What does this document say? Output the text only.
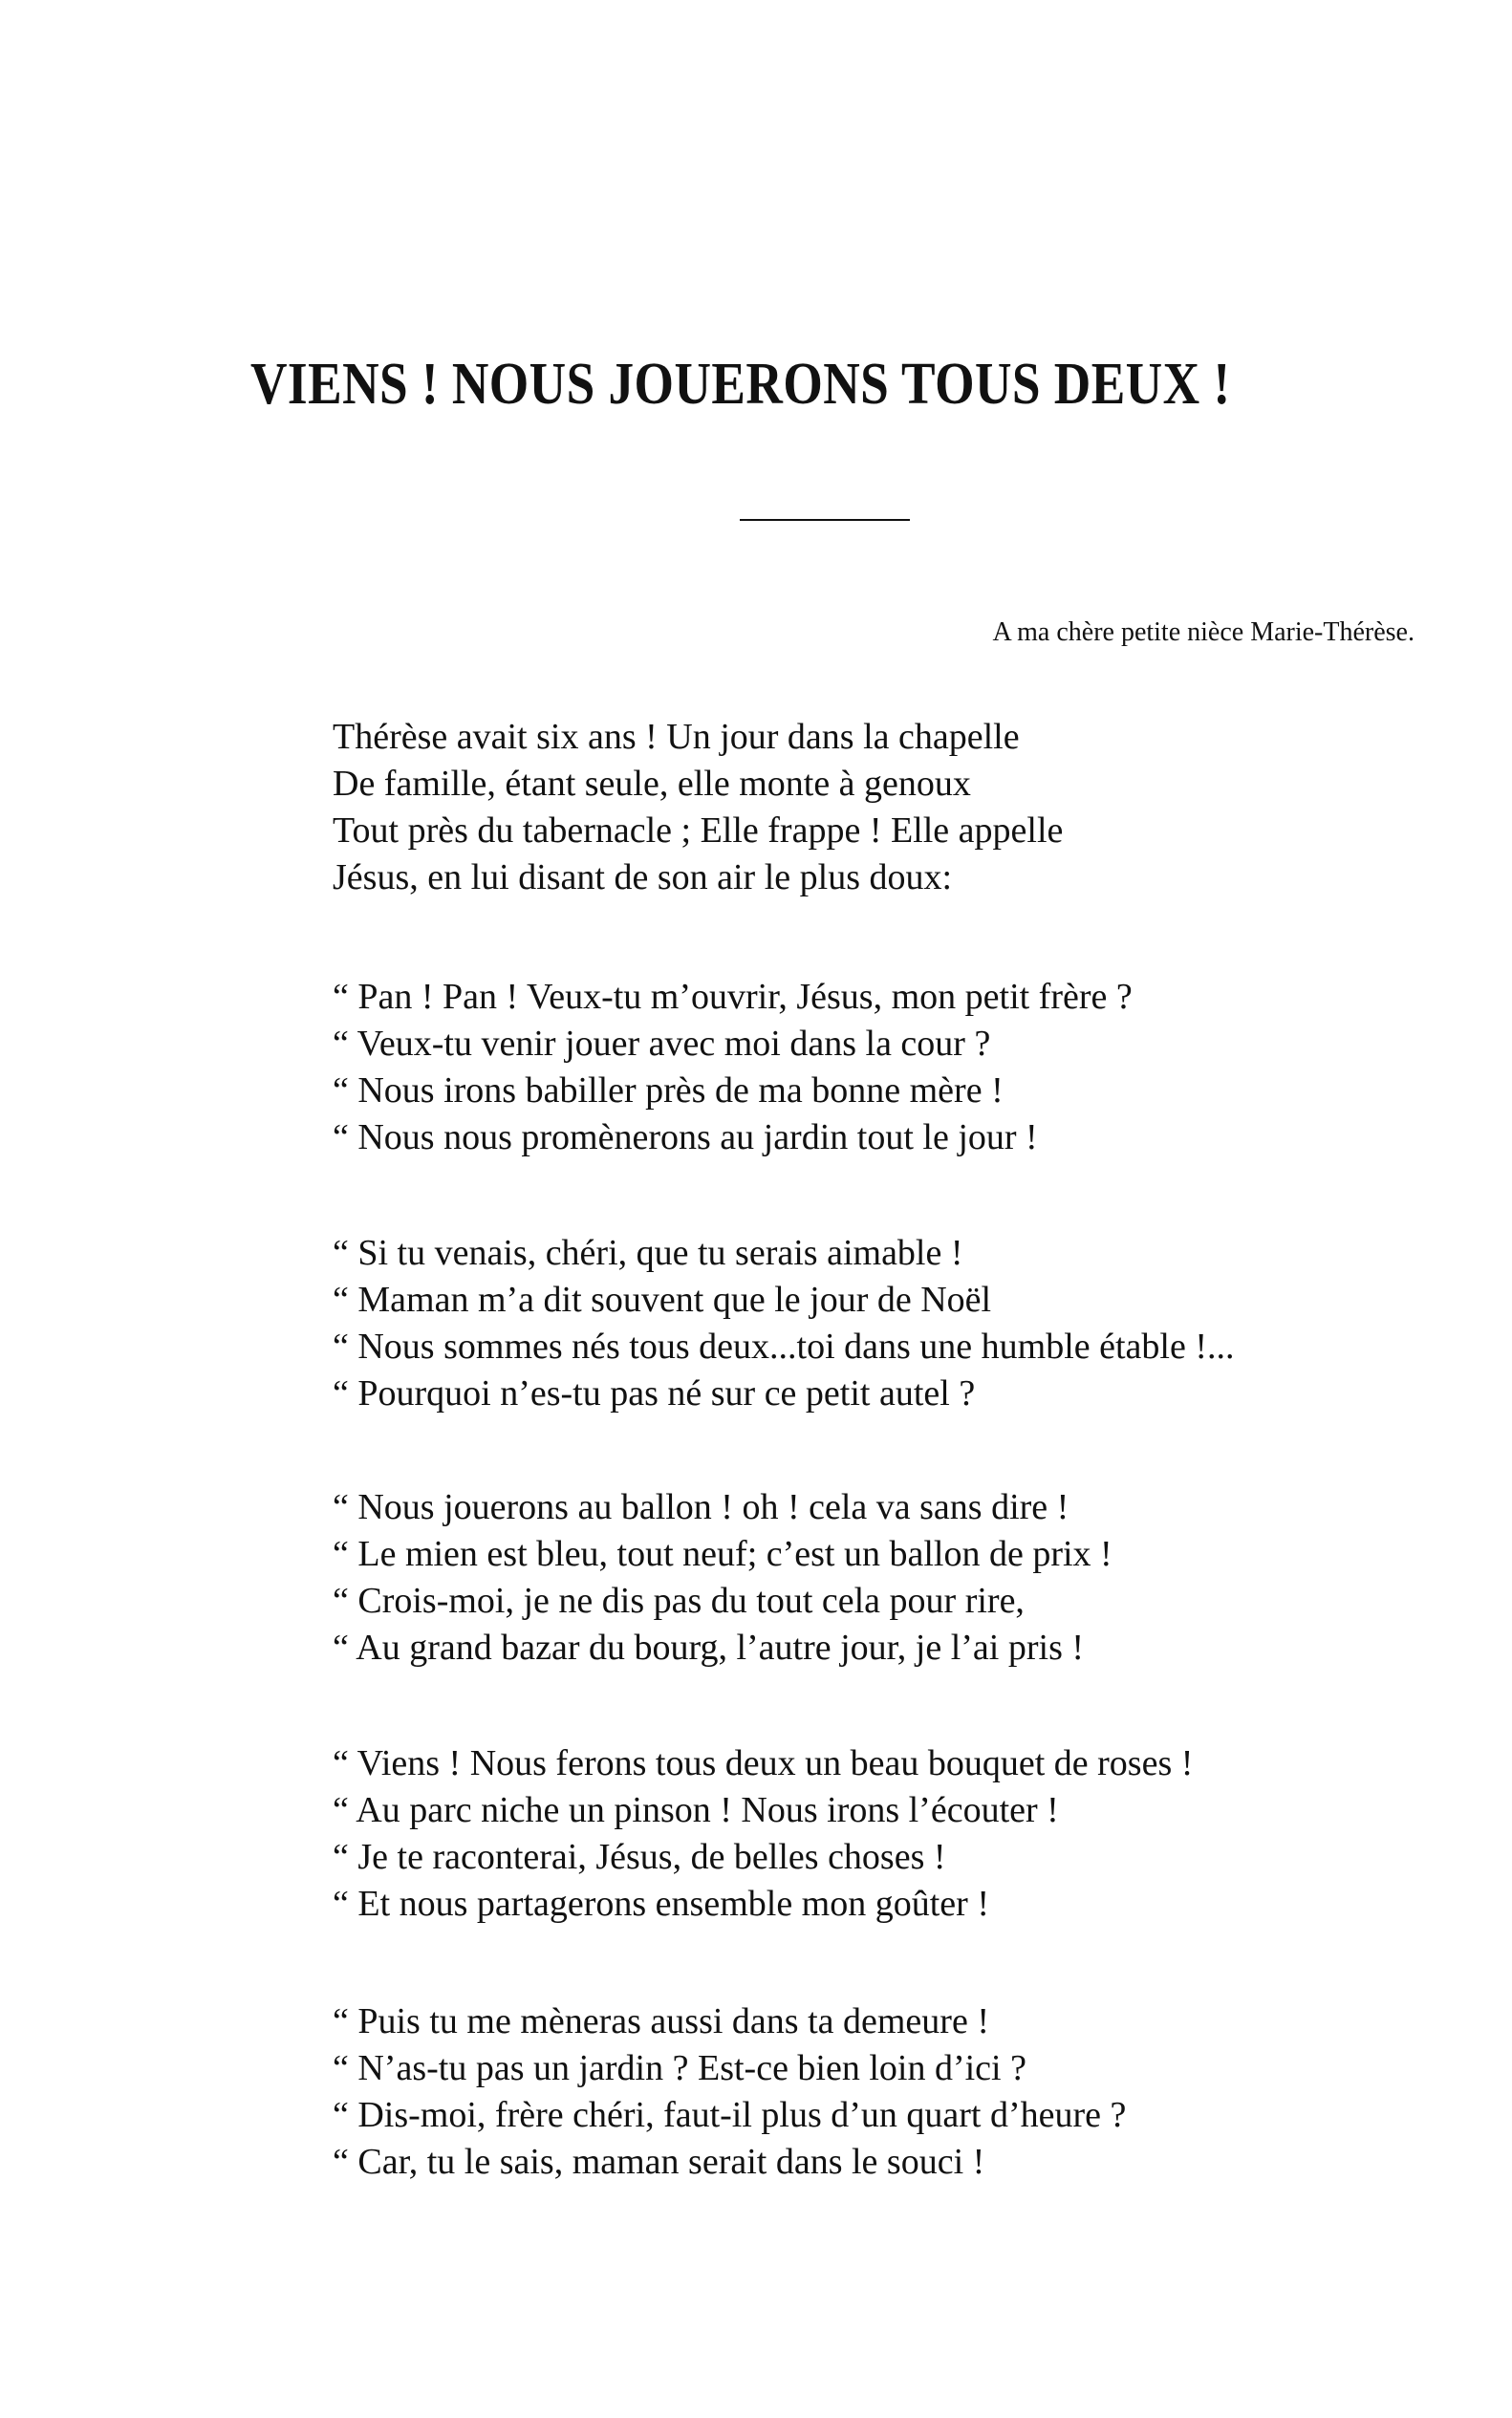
VIENS ! NOUS JOUERONS TOUS DEUX !
A ma chère petite nièce Marie-Thérèse.
Thérèse avait six ans ! Un jour dans la chapelle
De famille, étant seule, elle monte à genoux
Tout près du tabernacle ; Elle frappe ! Elle appelle
Jésus, en lui disant de son air le plus doux:
“ Pan ! Pan ! Veux-tu m’ouvrir, Jésus, mon petit frère ?
“ Veux-tu venir jouer avec moi dans la cour ?
“ Nous irons babiller près de ma bonne mère !
“ Nous nous promènerons au jardin tout le jour !
“ Si tu venais, chéri, que tu serais aimable !
“ Maman m’a dit souvent que le jour de Noël
“ Nous sommes nés tous deux...toi dans une humble étable !...
“ Pourquoi n’es-tu pas né sur ce petit autel ?
“ Nous jouerons au ballon ! oh ! cela va sans dire !
“ Le mien est bleu, tout neuf; c’est un ballon de prix !
“ Crois-moi, je ne dis pas du tout cela pour rire,
“ Au grand bazar du bourg, l’autre jour, je l’ai pris !
“ Viens ! Nous ferons tous deux un beau bouquet de roses !
“ Au parc niche un pinson ! Nous irons l’écouter !
“ Je te raconterai, Jésus, de belles choses !
“ Et nous partagerons ensemble mon goûter !
“ Puis tu me mèneras aussi dans ta demeure !
“ N’as-tu pas un jardin ? Est-ce bien loin d’ici ?
“ Dis-moi, frère chéri, faut-il plus d’un quart d’heure ?
“ Car, tu le sais, maman serait dans le souci !
